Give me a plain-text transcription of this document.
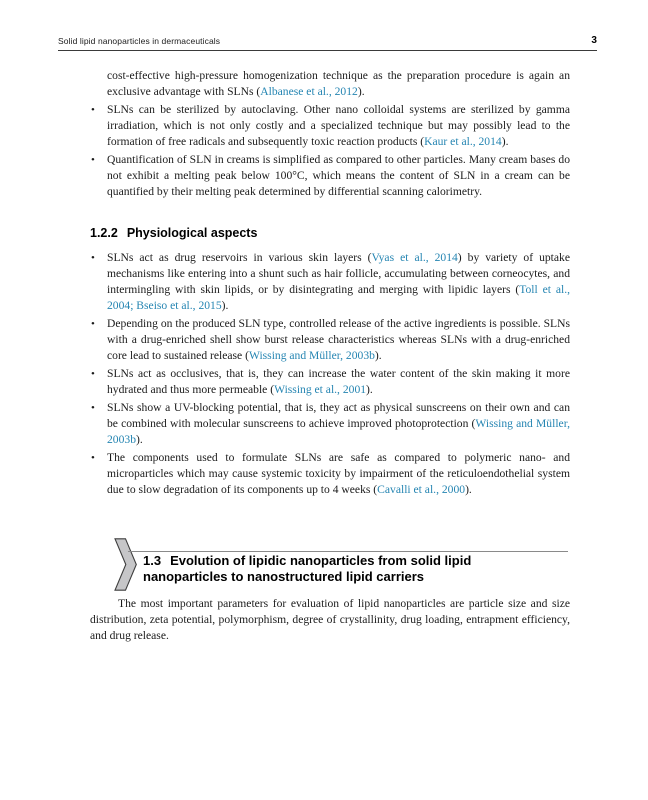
Solid lipid nanoparticles in dermaceuticals	3

cost-effective high-pressure homogenization technique as the preparation procedure is again an exclusive advantage with SLNs (Albanese et al., 2012).

• SLNs can be sterilized by autoclaving. Other nano colloidal systems are sterilized by gamma irradiation, which is not only costly and a specialized technique but may possibly lead to the formation of free radicals and subsequently toxic reaction products (Kaur et al., 2014).
• Quantification of SLN in creams is simplified as compared to other particles. Many cream bases do not exhibit a melting peak below 100°C, which means the content of SLN in a cream can be quantified by their melting peak determined by differential scanning calorimetry.
1.2.2 Physiological aspects
• SLNs act as drug reservoirs in various skin layers (Vyas et al., 2014) by variety of uptake mechanisms like entering into a shunt such as hair follicle, accumulating between corneocytes, and intermingling with skin lipids, or by disintegrating and merging with lipidic layers (Toll et al., 2004; Bseiso et al., 2015).
• Depending on the produced SLN type, controlled release of the active ingredients is possible. SLNs with a drug-enriched shell show burst release characteristics whereas SLNs with a drug-enriched core lead to sustained release (Wissing and Müller, 2003b).
• SLNs act as occlusives, that is, they can increase the water content of the skin making it more hydrated and thus more permeable (Wissing et al., 2001).
• SLNs show a UV-blocking potential, that is, they act as physical sunscreens on their own and can be combined with molecular sunscreens to achieve improved photoprotection (Wissing and Müller, 2003b).
• The components used to formulate SLNs are safe as compared to polymeric nano- and microparticles which may cause systemic toxicity by impairment of the reticuloendothelial system due to slow degradation of its components up to 4 weeks (Cavalli et al., 2000).
1.3 Evolution of lipidic nanoparticles from solid lipid nanoparticles to nanostructured lipid carriers

The most important parameters for evaluation of lipid nanoparticles are particle size and size distribution, zeta potential, polymorphism, degree of crystallinity, drug loading, entrapment efficiency, and drug release.
